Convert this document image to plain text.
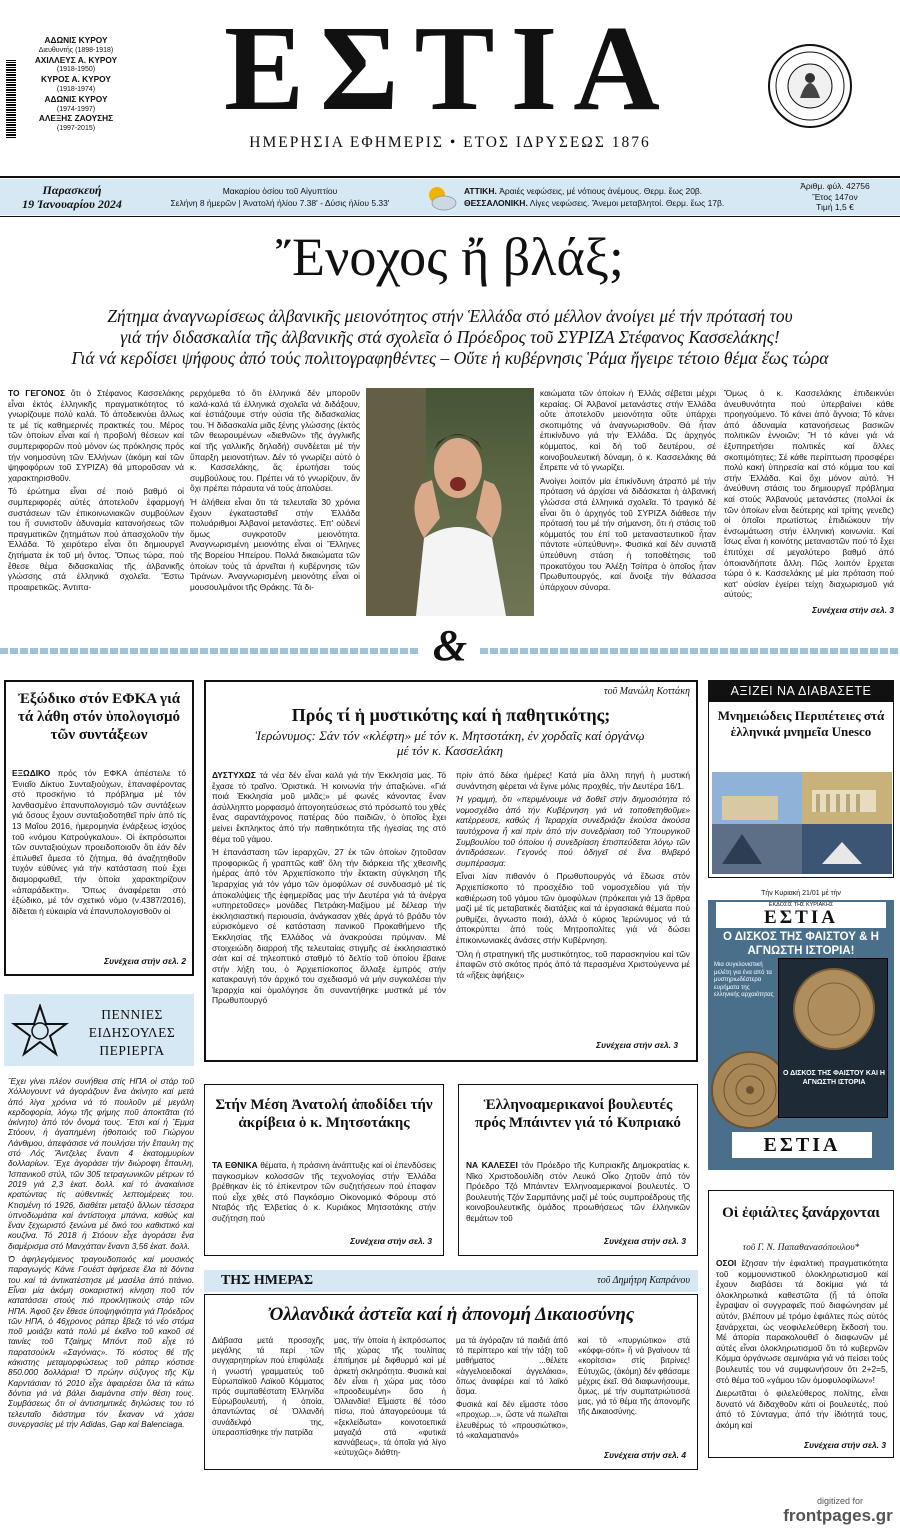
ΑΔΩΝΙΣ ΚΥΡΟΥ
Διευθυντής (1898-1918)
ΑΧΙΛΛΕΥΣ Α. ΚΥΡΟΥ
(1918-1950)
ΚΥΡΟΣ Α. ΚΥΡΟΥ
(1918-1974)
ΑΔΩΝΙΣ ΚΥΡΟΥ
(1974-1997)
ΑΛΕΞΗΣ ΖΑΟΥΣΗΣ
(1997-2015)	ΕΣΤΙΑ
ΗΜΕΡΗΣΙΑ ΕΦΗΜΕΡΙΣ • ΕΤΟΣ ΙΔΡΥΣΕΩΣ 1876
Παρασκευή
19 Ἰανουαρίου 2024
Μακαρίου ὁσίου τοῦ Αἰγυπτίου
Σελήνη 8 ἡμερῶν | Ἀνατολή ἡλίου 7.38' - Δύσις ἡλίου 5.33'
ΑΤΤΙΚΗ. Ἀραιές νεφώσεις, μέ νότιους ἀνέμους. Θερμ. ἕως 20β.
ΘΕΣΣΑΛΟΝΙΚΗ. Λίγες νεφώσεις. Ἄνεμοι μεταβλητοί. Θερμ. ἕως 17β.
Ἀριθμ. φύλ. 42756
Ἔτος 147ον
Τιμή 1,5 €
Ἔνοχος ἤ βλάξ;
Ζήτημα ἀναγνωρίσεως ἀλβανικῆς μειονότητος στήν Ἑλλάδα στό μέλλον ἀνοίγει μέ τήν πρότασή του
γιά τήν διδασκαλία τῆς ἀλβανικῆς στά σχολεῖα ὁ Πρόεδρος τοῦ ΣΥΡΙΖΑ Στέφανος Κασσελάκης!
Γιά νά κερδίσει ψήφους ἀπό τούς πολιτογραφηθέντες – Οὔτε ἡ κυβέρνησις Ῥάμα ἤγειρε τέτοιο θέμα ἕως τώρα

ΤΟ ΓΕΓΟΝΟΣ ὅτι ὁ Στέφανος Κασσελάκης εἶναι ἐκτός ἑλληνικῆς πραγματικότητος τό γνωρίζουμε πολύ καλά. Τό ἀποδεικνύει ἄλλως τε μέ τίς καθημερινές πρακτικές του. Μέρος τῶν ὁποίων εἶναι καί ἡ προβολή θέσεων καί συμπεριφορῶν πού μόνον ὡς πρόκλησις πρός τήν νοημοσύνη τῶν Ἑλλήνων (ἀκόμη καί τῶν ψηφοφόρων τοῦ ΣΥΡΙΖΑ) θά μποροῦσαν νά χαρακτηρισθοῦν.

Τό ἐρώτημα εἶναι σέ ποιό βαθμό οἱ συμπεριφορές αὐτές ἀποτελοῦν ἐφαρμογή συστάσεων τῶν ἐπικοινωνιακῶν συμβούλων του ἤ συνιστοῦν ἀδυναμία κατανοήσεως τῶν πραγματικῶν ζητημάτων πού ἀπασχολοῦν τήν Ἑλλάδα. Τό χειρότερο εἶναι ὅτι δημιουργεῖ ζητήματα ἐκ τοῦ μή ὄντος. Ὅπως τώρα, πού ἔθεσε θέμα διδασκαλίας τῆς ἀλβανικῆς γλώσσης στά ἑλληνικά σχολεῖα. Ἔστω προαιρετικῶς. Ἀντιπα-

ρερχόμεθα τό ὅτι ἑλληνικά δέν μποροῦν καλά-καλά τά ἑλληνικά σχολεῖα νά διδάξουν, καί ἐστιάζουμε στήν οὐσία τῆς διδασκαλίας του. Ἡ διδασκαλία μιᾶς ξένης γλώσσης (ἐκτός τῶν θεωρουμένων «διεθνῶν» τῆς ἀγγλικῆς καί τῆς γαλλικῆς δηλαδή) συνδέεται μέ τήν ὕπαρξη μειονοτήτων. Δέν τό γνωρίζει αὐτό ὁ κ. Κασσελάκης, ἄς ἐρωτήσει τούς συμβούλους του. Πρέπει νά τό γνωρίζουν, ἄν ὄχι πρέπει πάραυτα νά τούς ἀπολύσει.

Ἡ ἀλήθεια εἶναι ὅτι τά τελευταῖα 30 χρόνια ἔχουν ἐγκατασταθεῖ στήν Ἑλλάδα πολυάριθμοι Ἀλβανοί μετανάστες. Ἐπ' οὐδενί ὅμως συγκροτοῦν μειονότητα. Ἀναγνωρισμένη μειονότης εἶναι οἱ Ἕλληνες τῆς Βορείου Ἠπείρου. Πολλά δικαιώματα τῶν ὁποίων τούς τά ἀρνεῖται ἡ κυβέρνησις τῶν Τιράνων. Ἀναγνωρισμένη μειονότης εἶναι οἱ μουσουλμάνοι τῆς Θράκης. Τά δι-

καιώματα τῶν ὁποίων ἡ Ἑλλάς σέβεται μέχρι κεραίας. Οἱ Ἀλβανοί μετανάστες στήν Ἑλλάδα οὔτε ἀποτελοῦν μειονότητα οὔτε ὑπάρχει σκοπιμότης νά ἀναγνωρισθοῦν. Θά ἦταν ἐπικίνδυνο γιά τήν Ἑλλάδα. Ὡς ἀρχηγός κόμματος, καί δή τοῦ δευτέρου, σέ κοινοβουλευτική δύναμη, ὁ κ. Κασσελάκης θά ἔπρεπε νά τό γνωρίζει.

Ἀνοίγει λοιπόν μία ἐπικίνδυνη ἀτραπό μέ τήν πρόταση νά ἀρχίσει νά διδάσκεται ἡ ἀλβανική γλώσσα στά ἑλληνικά σχολεῖα. Τό τραγικό δέ εἶναι ὅτι ὁ ἀρχηγός τοῦ ΣΥΡΙΖΑ διάθεσε τήν πρότασή του μέ τήν σήμανση, ὅτι ἡ στάσις τοῦ κόμματός του ἐπί τοῦ μεταναστευτικοῦ ἦταν πάντοτε «ὑπεύθυνη». Φυσικά καί δέν συνιστᾶ ὑπεύθυνη στάση ἡ τοποθέτησις τοῦ προκατόχου του Ἀλέξη Τσίπρα ὁ ὁποῖος ἦταν Πρωθυπουργός, καί ἄνοιξε τήν θάλασσα ὑπάρχουν σύνορα.

Ὅμως ὁ κ. Κασσελάκης ἐπιδεικνύει ἀνευθυνότητα πού ὑπερβαίνει κάθε προηγούμενο. Τό κάνει ἀπό ἄγνοια; Τό κάνει ἀπό ἀδυναμία κατανοήσεως βασικῶν πολιτικῶν ἐννοιῶν; Ἤ τό κάνει γιά νά ἐξυπηρετήσει πολιτικές καί ἄλλες σκοπιμότητες; Σέ κάθε περίπτωση προσφέρει πολύ κακή ὑπηρεσία καί στό κόμμα του καί στήν Ἑλλάδα. Καί ὄχι μόνον αὐτό. Ἡ ἀνεύθυνη στάσις του δημιουργεῖ πρόβλημα καί στούς Ἀλβανούς μετανάστες (πολλοί ἐκ τῶν ὁποίων εἶναι δεύτερης καί τρίτης γενεᾶς) οἱ ὁποῖοι πρωτίστως ἐπιδιώκουν τήν ἐνσωμάτωση στήν ἑλληνική κοινωνία. Καί ἴσως εἶναι ἡ κοινότης μεταναστῶν πού τό ἔχει ἐπιτύχει σέ μεγαλύτερο βαθμό ἀπό ὁποιανδήποτε ἄλλη. Πῶς λοιπόν ἔρχεται τώρα ὁ κ. Κασσελάκης μέ μία πρόταση πού κατ' οὐσίαν ἐγείρει τείχη διαχωρισμοῦ γιά αὐτούς;

Συνέχεια στήν σελ. 3
&
Ἐξώδικο στόν ΕΦΚΑ γιά τά λάθη στόν ὑπολογισμό τῶν συντάξεων

ΕΞΩΔΙΚΟ πρός τόν ΕΦΚΑ ἀπέστειλε τό Ἑνιαῖο Δίκτυο Συνταξιούχων, ἐπαναφέροντας στό προσκήνιο τό πρόβλημα μέ τόν λανθασμένο ἐπανυπολογισμό τῶν συντάξεων γιά ὅσους ἔχουν συνταξιοδοτηθεῖ πρίν ἀπό τίς 13 Μαΐου 2016, ἡμερομηνία ἐνάρξεως ἰσχύος τοῦ «νόμου Κατρούγκαλου». Οἱ ἐκπρόσωποι τῶν συνταξιούχων προειδοποιοῦν ὅτι ἐάν δέν ἐπιλυθεῖ ἄμεσα τό ζήτημα, θά ἀναζητηθοῦν τυχόν εὐθύνες γιά τήν κατάσταση πού ἔχει διαμορφωθεῖ, τήν ὁποία χαρακτηρίζουν «ἀπαράδεκτη». Ὅπως ἀναφέρεται στό ἐξώδικο, μέ τόν σχετικό νόμο (ν.4387/2016), δίδεται ἡ εὐκαιρία νά ἐπανυπολογισθοῦν οἱ

Συνέχεια στήν σελ. 2
τοῦ Μανώλη Κοττάκη
Πρός τί ἡ μυστικότης καί ἡ παθητικότης;
Ἱερώνυμος: Σάν τόν «κλέφτη» μέ τόν κ. Μητσοτάκη, ἐν χορδαῖς καί ὀργάνῳ μέ τόν κ. Κασσελάκη

ΔΥΣΤΥΧΩΣ τά νέα δέν εἶναι καλά γιά τήν Ἐκκλησία μας. Τό ἔχασε τό τραῖνο. Ὁριστικά. Ἡ κοινωνία τήν ἀπαξιώνει. «Γιά ποιά Ἐκκλησία μοῦ μιλᾶς;» μέ φωνές κάνοντας ἔναν ἀσύλληπτο μορφασμό ἀπογοητεύσεως στό πρόσωπό του χθές ἕνας σαραντάχρονος πατέρας δύο παιδιῶν, ὁ ὁποῖος ἔχει μείνει ἔκπληκτος ἀπό τήν παθητικότητα τῆς ἡγεσίας της στό θέμα τοῦ γάμου.

Ἡ ἐπανάσταση τῶν ἱεραρχῶν, 27 ἐκ τῶν ὁποίων ζητοῦσαν προφορικῶς ἤ γραπτῶς καθ' ὅλη τήν διάρκεια τῆς χθεσινῆς ἡμέρας ἀπό τόν Ἀρχιεπίσκοπο τήν ἔκτακτη σύγκληση τῆς Ἱεραρχίας γιά τόν γάμο τῶν ὁμοφύλων σέ συνδυασμό μέ τίς ἀποκαλύψεις τῆς ἐφημερίδας μας τήν Δευτέρα γιά τά ἀνέργα «υπηρετοῦσες» μονάδες Πετράκη-Μαξίμου μέ δέλεαρ τήν ἐκκλησιαστική περιουσία, ἀνάγκασαν χθές ἀργά τό βράδυ τόν εὐρισκόμενο σέ κατάσταση πανικοῦ Προκαθήμενο τῆς Ἐκκλησίας τῆς Ἑλλάδος νά ἀνακρούσει πρύμναν. Μέ στοιχειώδη διαρροή τῆς τελευταίας στιγμῆς σέ ἐκκλησιαστικό σάιτ καί σέ τηλεοπτικό σταθμό τό δελτίο τοῦ ὁποίου ἔβαινε στήν λήξη του, ὁ Ἀρχιεπίσκοπος ἄλλαξε ἐμπρός στήν κατακραυγή τόν ἀρχικό του σχεδιασμό νά μήν συγκαλέσει τήν Ἱεραρχία καί ὁμολόγησε ὅτι συναντήθηκε μυστικά μέ τόν Πρωθυπουργό

πρίν ἀπό δέκα ἡμέρες! Κατά μία ἄλλη πηγή ἡ μυστική συνάντηση φέρεται νά ἔγινε μόλις προχθές, τήν Δευτέρα 16/1.

Ἡ γραμμή, ὅτι «περιμένουμε νά δοθεῖ στήν δημοσιότητα τό νομοσχέδιο ἀπό τήν Κυβέρνηση γιά νά τοποθετηθοῦμε» κατέρρευσε, καθώς ἡ Ἱεραρχία συνεδριάζει ἐκούσα ἀκούσα ταυτόχρονα ἤ καί πρίν ἀπό τήν συνεδρίαση τοῦ Ὑπουργικοῦ Συμβουλίου τοῦ ὁποίου ἡ συνεδρίαση ἐπισπεύδεται λόγῳ τῶν ἀντιδράσεων. Γεγονός πού ὁδηγεῖ σέ ἕνα θλιβερό συμπέρασμα:

Εἶναι λίαν πιθανόν ὁ Πρωθυπουργός νά ἔδωσε στόν Ἀρχιεπίσκοπο τό προσχέδιο τοῦ νομοσχεδίου γιά τήν καθιέρωση τοῦ γάμου τῶν ὁμοφύλων (πρόκειται γιά 13 ἄρθρα μαζί μέ τίς μεταβατικές διατάξεις καί τά ἐργασιακά θέματα πού ρυθμίζει, ἄγνωστο ποιά), ἀλλά ὁ κύριος Ἱερώνυμος νά τά ἀποκρύπτει ἀπό τούς Μητροπολίτες γιά νά δώσει ἐπικοινωνιακές ἀνάσες στήν Κυβέρνηση.

Ὅλη ἡ στρατηγική τῆς μυστικότητος, τοῦ παρασκηνίου καί τῶν ἐπαφῶν στό σκότος πρός ἀπό τά περασμένα Χριστούγεννα μέ τά «ἤξεις ἀφήξεις»

Συνέχεια στήν σελ. 3
ΑΞΙΖΕΙ ΝΑ ΔΙΑΒΑΣΕΤΕ
Μνημειώδεις Περιπέτειες στά ἑλληνικά μνημεῖα Unesco
Τήν Κυριακή 21/01 μέ τήν
ΕΚΔΟΣΙΣ ΤΗΣ ΚΥΡΙΑΚΗΣ
ΕΣΤΙΑ
Ο ΔΙΣΚΟΣ ΤΗΣ ΦΑΙΣΤΟΥ & Η ΑΓΝΩΣΤΗ ΙΣΤΟΡΙΑ!
Μια συγκλονιστική μελέτη για ένα από τα μυστηριωδέστερα ευρήματα της ελληνικής αρχαιότητας
Ο ΔΙΣΚΟΣ ΤΗΣ ΦΑΙΣΤΟΥ ΚΑΙ Η ΑΓΝΩΣΤΗ ΙΣΤΟΡΙΑ
ΕΣΤΙΑ
ΠΕΝΝΙΕΣ ΕΙΔΗΣΟΥΛΕΣ ΠΕΡΙΕΡΓΑ

Ἔχει γίνει πλέον συνήθεια στίς ΗΠΑ οἱ στάρ τοῦ Χόλλυγουντ νά ἀγοράζουν ἕνα ἀκίνητο καί μετά ἀπό λίγα χρόνια νά τό πουλοῦν μέ μεγάλη κερδοφορία, λόγῳ τῆς φήμης ποῦ ἀποκτᾶται (τό ἀκίνητο) ἀπό τόν ὄνομά τους. Ἔτσι καί ἡ Ἔμμα Στόουν, ἡ ἀγαπημένη ἠθοποιός τοῦ Γιώργου Λάνθιμου, ἀπεφάσισε νά πουλήσει τήν ἔπαυλη της στό Λός Ἄντζελες ἔναντι 4 ἑκατομμυρίων δολλαρίων. Ἔχε ἀγοράσει τήν διώροφη ἔπαυλη, Ἰσπανικοῦ στύλ, τῶν 305 τετραγωνικῶν μέτρων τό 2019 γιά 2,3 ἑκατ. δολλ. καί τό ἀνακαίνισε κρατώντας τίς αὐθεντικές λεπτομέρειες του. Κτισμένη τό 1926, διαθέτει μεταξύ ἄλλων τέσσερα ὑπνοδωμάτια καί ἀντίστοιχα μπάνια, καθώς καί ἕναν ξεχωριστό ξενώνα μέ δικό του καθιστικό καί κουζίνα. Τό 2018 ἡ Στόουν εἶχε ἀγοράσει ἕνα διαμέρισμα στό Μανχάτταν ἔναντι 3,56 ἑκατ. δολλ.

Ὁ ἀφηλεγόμενος τραγουδοποιός καί μουσικός παραγωγός Κάνιε Γουέστ ἀφήρεσε ἕλα τά δόντια του καί τά ἀντικατέστησε μέ μασέλα ἀπό τιτάνιο. Εἶναι μία ἀκόμη σοκαριστική κίνηση ποῦ τόν κατατάσσει στούς πιό προκλητικούς στάρ τῶν ΗΠΑ. Ἀφοῦ ξεν ἔθεσε ὑποψηφιότητα γιά Πρόεδρος τῶν ΗΠΑ, ὁ 46χρονος ράπερ ἔβεζε τό νέο στόμα ποῦ μοιάζει κατά πολύ μέ ἐκεῖνο τοῦ κακοῦ σέ ταινίες τοῦ Τζαίημς Μπόντ ποῦ εἶχε τό παρατσούκλι «Σαγόνιας». Τό κόστος θέ τῆς κάκιστης μεταμορφώσεως τοῦ ράπερ κόστισε 850.000 δολλάρια! Ὁ πρώην σύζυγος τῆς Κίμ Καρντάσιαν τό 2010 εἶχε ἀφαιρέσει ὅλα τά κάτω δόντια γιά νά βάλει διαμάντια στήν θέση τους. Συμβάσεως ὅτι οἱ ἀντισημιτικές δηλώσεις του τό τελευταῖο διάστημα τόν ἔκαναν νά χάσει συνεργασίες μέ τήν Adidas, Gap καί Balenciaga.

Στήν Μέση Ἀνατολή ἀποδίδει τήν ἀκρίβεια ὁ κ. Μητσοτάκης

ΤΑ ΕΘΝΙΚΑ θέματα, ἡ πράσινη ἀνάπτυξις καί οἱ ἐπενδύσεις παγκοσμίων κολοσσῶν τῆς τεχνολογίας στήν Ἑλλάδα βρέθηκαν ἐίς τό ἐπίκεντρον τῶν συζητήσεων πού ἐπαφαν πού εἶχε χθές στό Παγκόσμιο Οἰκονομικό Φόρουμ στό Νταβός τῆς Ἑλβετίας ὁ κ. Κυριάκος Μητσοτάκης στήν συζήτηση πού

Συνέχεια στήν σελ. 3
Ἑλληνοαμερικανοί βουλευτές πρός Μπάιντεν γιά τό Κυπριακό

ΝΑ ΚΑΛΕΣΕΙ τόν Πρόεδρο τῆς Κυπριακῆς Δημοκρατίας κ. Νῖκο Χριστοδουλίδη στόν Λευκό Οἶκο ζητοῦν ἀπό τόν Πρόεδρο Τζό Μπάιντεν Ἑλληνοαμερικανοί βουλευτές. Ὁ βουλευτής Τζόν Σαρμπάνης μαζί μέ τούς συμπροέδρους τῆς κοινοβουλευτικῆς ὁμάδος προωθήσεως τῶν ἑλληνικῶν θεμάτων τοῦ

Συνέχεια στήν σελ. 3
Οἱ ἐφιάλτες ξανάρχονται
τοῦ Γ. Ν. Παπαθανασόπουλου*

ΟΣΟΙ ἔζησαν τήν ἐφιαλτική πραγματικότητα τοῦ κομμουνιστικοῦ ὁλοκληρωτισμοῦ καί ἔχουν διαβάσει τά δοκίμια γιά τά ὁλοκληρωτικά καθεστῶτα (ἤ τά ὁποῖα ἔγραψαν οἱ συγγραφεῖς πού διαφώνησαν μέ αὐτόν, βλέπουν μέ τρόμο ἐφιάλτες πώς αὐτός ξανάρχεται, ὡς νεοφιλελεύθερη ἔκδοσή του. Μέ ἀπορία παρακολουθεῖ ὁ διαφωνῶν μέ αὐτές εἶναι ὁλοκληρωτισμοῦ ὅτι τό κυβερνῶν Κόμμα ὀργάνωσε σεμινάρια γιά νά πείσει τούς βουλευτές του νά συμφωνήσουν ὅτι 2+2=5, στό θέμα τοῦ «γάμου τῶν ὁμοφυλοφίλων»!

Διερωτᾶται ὁ φιλελεύθερος πολίτης, εἶναι δυνατό νά διδαχθοῦν κάτι οἱ βουλευτές, πού ἀπό τό Σύνταγμα, ἀπό τήν ἰδιότητά τους, ἀκόμη καί

Συνέχεια στήν σελ. 3
ΤΗΣ ΗΜΕΡΑΣ	τοῦ Δημήτρη Καπράνου
Ὀλλανδικά ἀστεῖα καί ἡ ἀπονομή Δικαιοσύνης

Διάβασα μετά προσοχῆς μεγάλης τά περί τῶν συγχαρητηρίων πού ἐπιφύλαξε ἡ γνωστή γραμματεύς τοῦ Εὐρωπαϊκοῦ Λαϊκοῦ Κόμματος πρός συμπαθέστατη Ἑλληνίδα Εὐρωβουλευτή, ἡ ὁποία, ἀπαντώντας σέ Ὀλλανδή συνάδελφό της, ὑπερασπίσθηκε τήν πατρίδα

μας, τήν ὁποία ἡ ἐκπρόσωπος τῆς χώρας τῆς τουλίπας ἐπιτίμησε μέ διφθυρμό καί μέ ἀρκετή σκληρότητα. Φυσικά καί δέν εἶναι ἡ χώρα μας τόσο «προοδευμένη» ὅσο ἡ Ὀλλανδία! Εἴμαστε θέ τόσο πίσω, πού ἀπαγορεύουμε τά «ξεκλείδωτα» κοινοτοεπικά μαγαζιά στά «φυτικά καννάβεως», τά ὁποῖα γιά λίγο «εὐτυχῶς» διάθτη-

μα τά ἀγόραζαν τά παιδιά ἀπό τό περίπτερο καί τήν τάξη τοῦ μαθήματος ...θέλετε «ἀγγελιοειδοκαί ἀγγελάκια», ὅπως ἀναφέρει καί τό λαϊκό ἄσμα.

Φυσικά καί δέν εἴμαστε τόσο «προχωρ...», ὥστε νά πωλεῖται ἐλευθέρως τό «προυσιώτικο», τό «καλαματιανό»

καί τό «πυργιώτικο» στά «κόφφι-σόπ» ἤ νά βγαίνουν τά «κορίτσια» στίς βιτρίνες! Εὐτυχῶς, (ἀκόμη) δέν φθάσαμε μέχρις ἐκεῖ. Θά διαφωνήσουμε, ὅμως, μέ τήν συμπατριώτισσά μας, γιά τό θέμα τῆς ἀπονομῆς τῆς Δικαιοσύνης.

Συνέχεια στήν σελ. 4
digitized for
frontpages.gr
